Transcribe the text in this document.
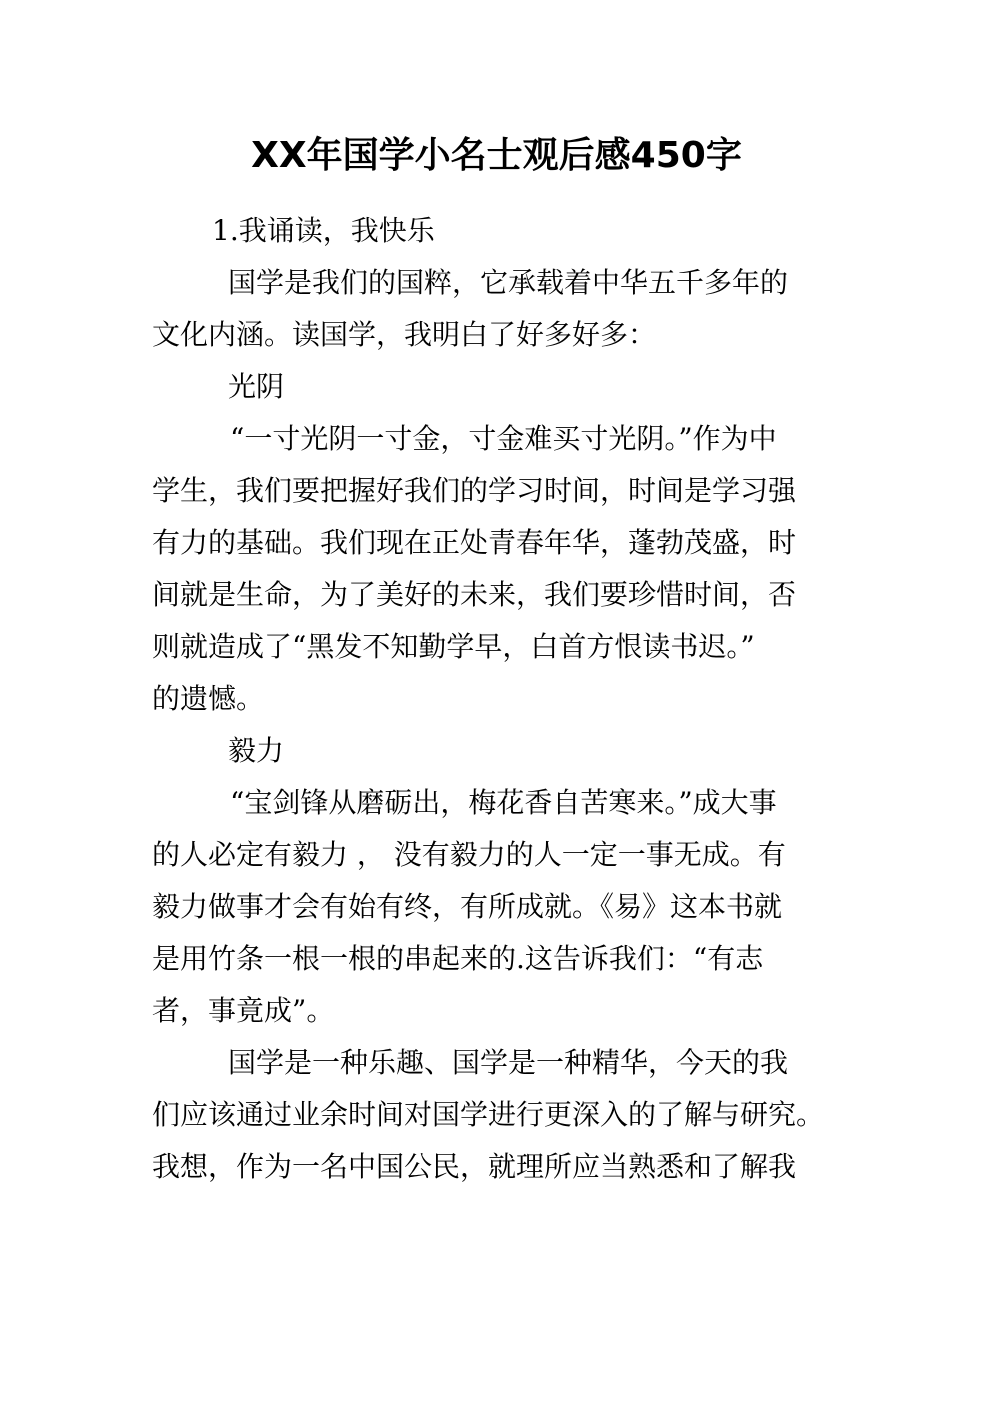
XX年国学小名士观后感450字
1.我诵读，我快乐
国学是我们的国粹，它承载着中华五千多年的
文化内涵。读国学，我明白了好多好多：
光阴
“一寸光阴一寸金，寸金难买寸光阴。”作为中
学生，我们要把握好我们的学习时间，时间是学习强
有力的基础。我们现在正处青春年华，蓬勃茂盛，时
间就是生命，为了美好的未来，我们要珍惜时间，否
则就造成了“黑发不知勤学早，白首方恨读书迟。”
的遗憾。
毅力
“宝剑锋从磨砺出，梅花香自苦寒来。”成大事
的人必定有毅力 ， 没有毅力的人一定一事无成。有
毅力做事才会有始有终，有所成就。《易》这本书就
是用竹条一根一根的串起来的.这告诉我们：“有志
者，事竟成”。
国学是一种乐趣、国学是一种精华，今天的我
们应该通过业余时间对国学进行更深入的了解与研究。
我想，作为一名中国公民，就理所应当熟悉和了解我
